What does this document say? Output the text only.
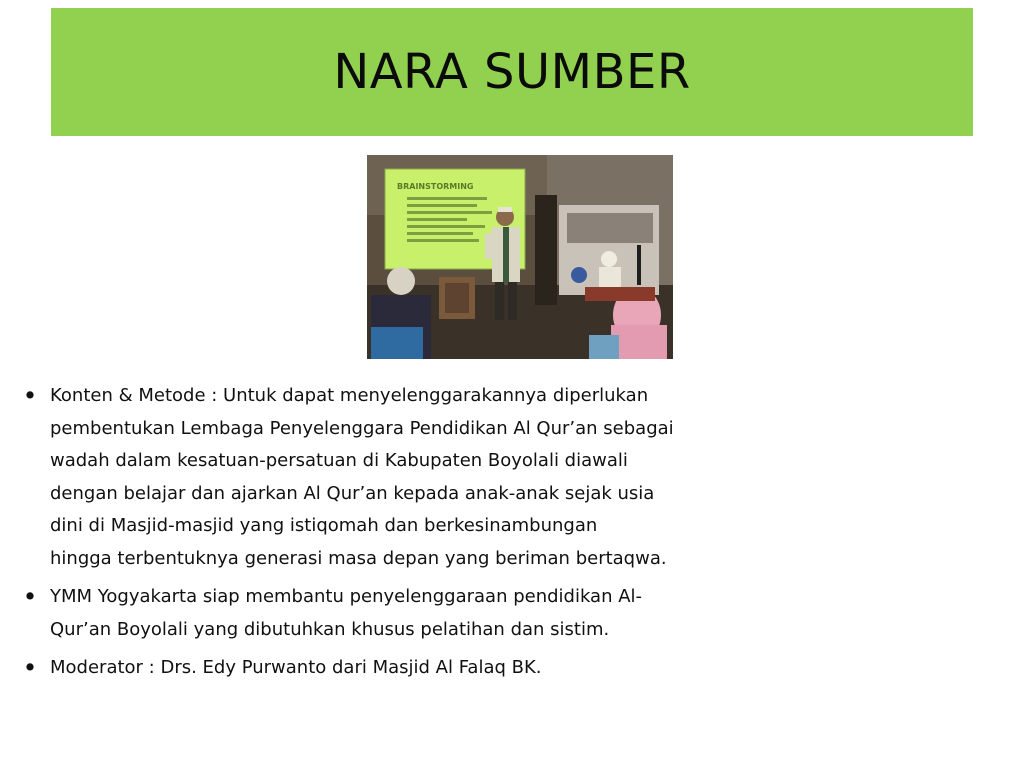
NARA SUMBER
BRAINSTORMING
• Konten & Metode : Untuk dapat menyelenggarakannya diperlukan
pembentukan Lembaga Penyelenggara Pendidikan Al Qur’an sebagai
wadah dalam kesatuan-persatuan di Kabupaten Boyolali diawali
dengan belajar dan ajarkan Al Qur’an kepada anak-anak sejak usia
dini di Masjid-masjid yang istiqomah dan berkesinambungan
hingga terbentuknya generasi masa depan yang beriman bertaqwa.
• YMM Yogyakarta siap membantu penyelenggaraan pendidikan Al-
Qur’an Boyolali yang dibutuhkan khusus pelatihan dan sistim.
• Moderator : Drs. Edy Purwanto dari Masjid Al Falaq BK.
